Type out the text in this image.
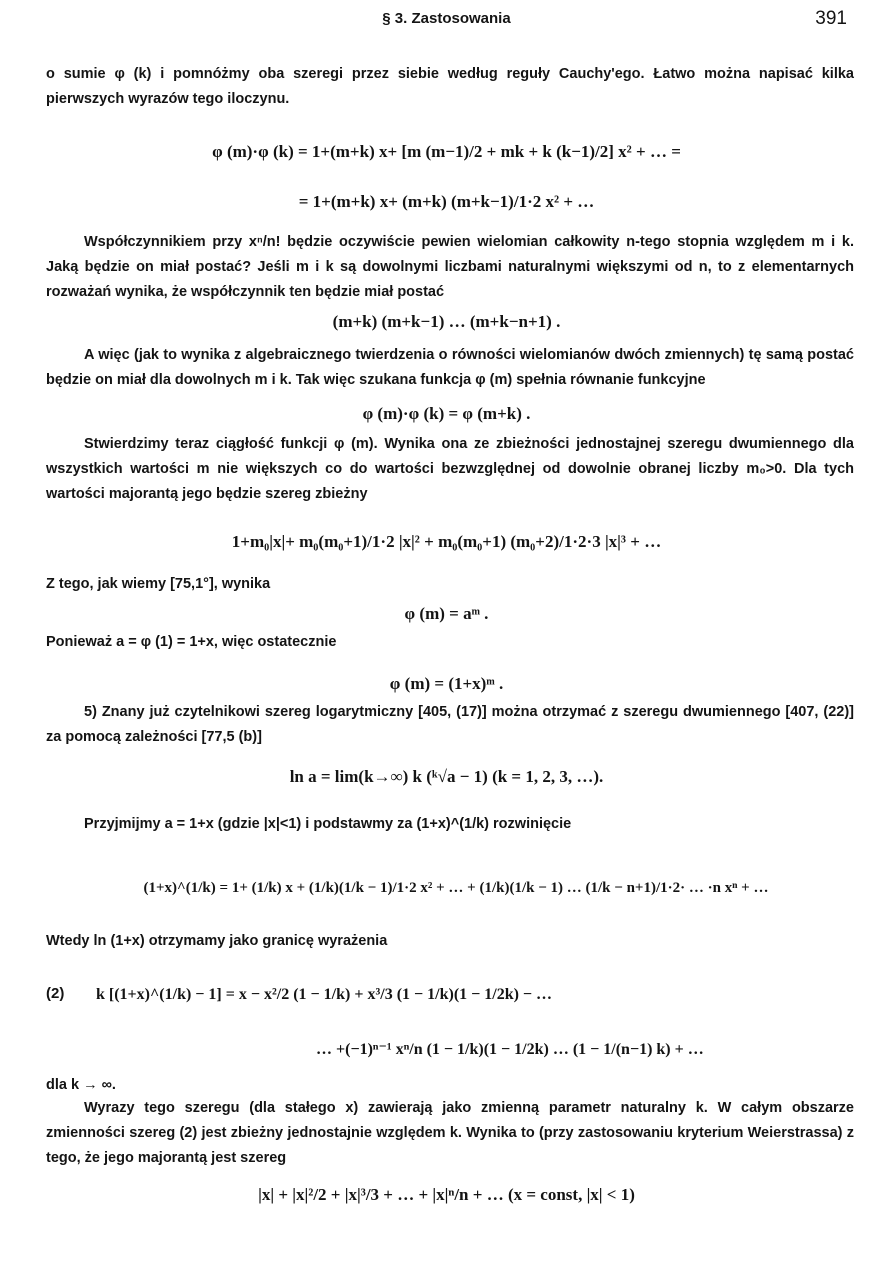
§ 3. Zastosowania	391

o sumie φ (k) i pomnóżmy oba szeregi przez siebie według reguły Cauchy'ego. Łatwo można napisać kilka pierwszych wyrazów tego iloczynu.

φ (m)·φ (k) = 1+(m+k) x+ [m (m−1)/2 + mk + k (k−1)/2] x² + … =
= 1+(m+k) x+ (m+k) (m+k−1)/1·2 x² + …

Współczynnikiem przy xⁿ/n! będzie oczywiście pewien wielomian całkowity n-tego stopnia względem m i k. Jaką będzie on miał postać? Jeśli m i k są dowolnymi liczbami naturalnymi większymi od n, to z elementarnych rozważań wynika, że współczynnik ten będzie miał postać

(m+k) (m+k−1) … (m+k−n+1) .

A więc (jak to wynika z algebraicznego twierdzenia o równości wielomianów dwóch zmiennych) tę samą postać będzie on miał dla dowolnych m i k. Tak więc szukana funkcja φ (m) spełnia równanie funkcyjne

φ (m)·φ (k) = φ (m+k) .

Stwierdzimy teraz ciągłość funkcji φ (m). Wynika ona ze zbieżności jednostajnej szeregu dwumiennego dla wszystkich wartości m nie większych co do wartości bezwzględnej od dowolnie obranej liczby m₀>0. Dla tych wartości majorantą jego będzie szereg zbieżny

1+m₀|x|+ m₀(m₀+1)/1·2 |x|² + m₀(m₀+1) (m₀+2)/1·2·3 |x|³ + …

Z tego, jak wiemy [75,1°], wynika

φ (m) = aᵐ .

Ponieważ a = φ (1) = 1+x, więc ostatecznie

φ (m) = (1+x)ᵐ .

5) Znany już czytelnikowi szereg logarytmiczny [405, (17)] można otrzymać z szeregu dwumiennego [407, (22)] za pomocą zależności [77,5 (b)]

ln a = lim(k→∞) k (ᵏ√a − 1) (k = 1, 2, 3, …).

Przyjmijmy a = 1+x (gdzie |x|<1) i podstawmy za (1+x)^(1/k) rozwinięcie

(1+x)^(1/k) = 1+ (1/k) x + (1/k)(1/k − 1)/1·2 x² + … + (1/k)(1/k − 1) … (1/k − n+1)/1·2· … ·n xⁿ + …

Wtedy ln (1+x) otrzymamy jako granicę wyrażenia

(2) k [(1+x)^(1/k) − 1] = x − x²/2 (1 − 1/k) + x³/3 (1 − 1/k)(1 − 1/2k) − …
… +(−1)ⁿ⁻¹ xⁿ/n (1 − 1/k)(1 − 1/2k) … (1 − 1/(n−1) k) + …

dla k → ∞.

Wyrazy tego szeregu (dla stałego x) zawierają jako zmienną parametr naturalny k. W całym obszarze zmienności szereg (2) jest zbieżny jednostajnie względem k. Wynika to (przy zastosowaniu kryterium Weierstrassa) z tego, że jego majorantą jest szereg

|x| + |x|²/2 + |x|³/3 + … + |x|ⁿ/n + … (x = const, |x| < 1)
